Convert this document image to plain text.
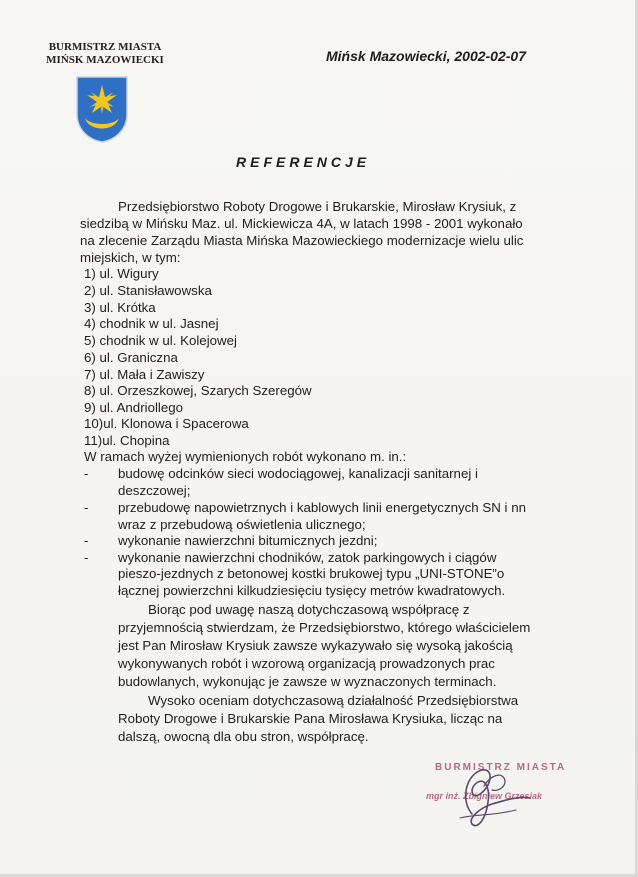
BURMISTRZ MIASTA
MIŃSK MAZOWIECKI	Mińsk Mazowiecki, 2002-02-07
REFERENCJE
Przedsiębiorstwo Roboty Drogowe i Brukarskie, Mirosław Krysiuk, z
siedzibą w Mińsku Maz. ul. Mickiewicza 4A, w latach 1998 - 2001 wykonało
na zlecenie Zarządu Miasta Mińska Mazowieckiego modernizacje wielu ulic
miejskich, w tym:
1) ul. Wigury
2) ul. Stanisławowska
3) ul. Krótka
4) chodnik w ul. Jasnej
5) chodnik w ul. Kolejowej
6) ul. Graniczna
7) ul. Mała i Zawiszy
8) ul. Orzeszkowej, Szarych Szeregów
9) ul. Andriollego
10)ul. Klonowa i Spacerowa
11)ul. Chopina
W ramach wyżej wymienionych robót wykonano m. in.:
- budowę odcinków sieci wodociągowej, kanalizacji sanitarnej i
deszczowej;
- przebudowę napowietrznych i kablowych linii energetycznych SN i nn
wraz z przebudową oświetlenia ulicznego;
- wykonanie nawierzchni bitumicznych jezdni;
- wykonanie nawierzchni chodników, zatok parkingowych i ciągów
pieszo-jezdnych z betonowej kostki brukowej typu „UNI-STONE”o
łącznej powierzchni kilkudziesięciu tysięcy metrów kwadratowych.
Biorąc pod uwagę naszą dotychczasową współpracę z
przyjemnością stwierdzam, że Przedsiębiorstwo, którego właścicielem
jest Pan Mirosław Krysiuk zawsze wykazywało się wysoką jakością
wykonywanych robót i wzorową organizacją prowadzonych prac
budowlanych, wykonując je zawsze w wyznaczonych terminach.
Wysoko oceniam dotychczasową działalność Przedsiębiorstwa
Roboty Drogowe i Brukarskie Pana Mirosława Krysiuka, licząc na
dalszą, owocną dla obu stron, współpracę.
BURMISTRZ MIASTA
mgr inż. Zbigniew Grzesiak
